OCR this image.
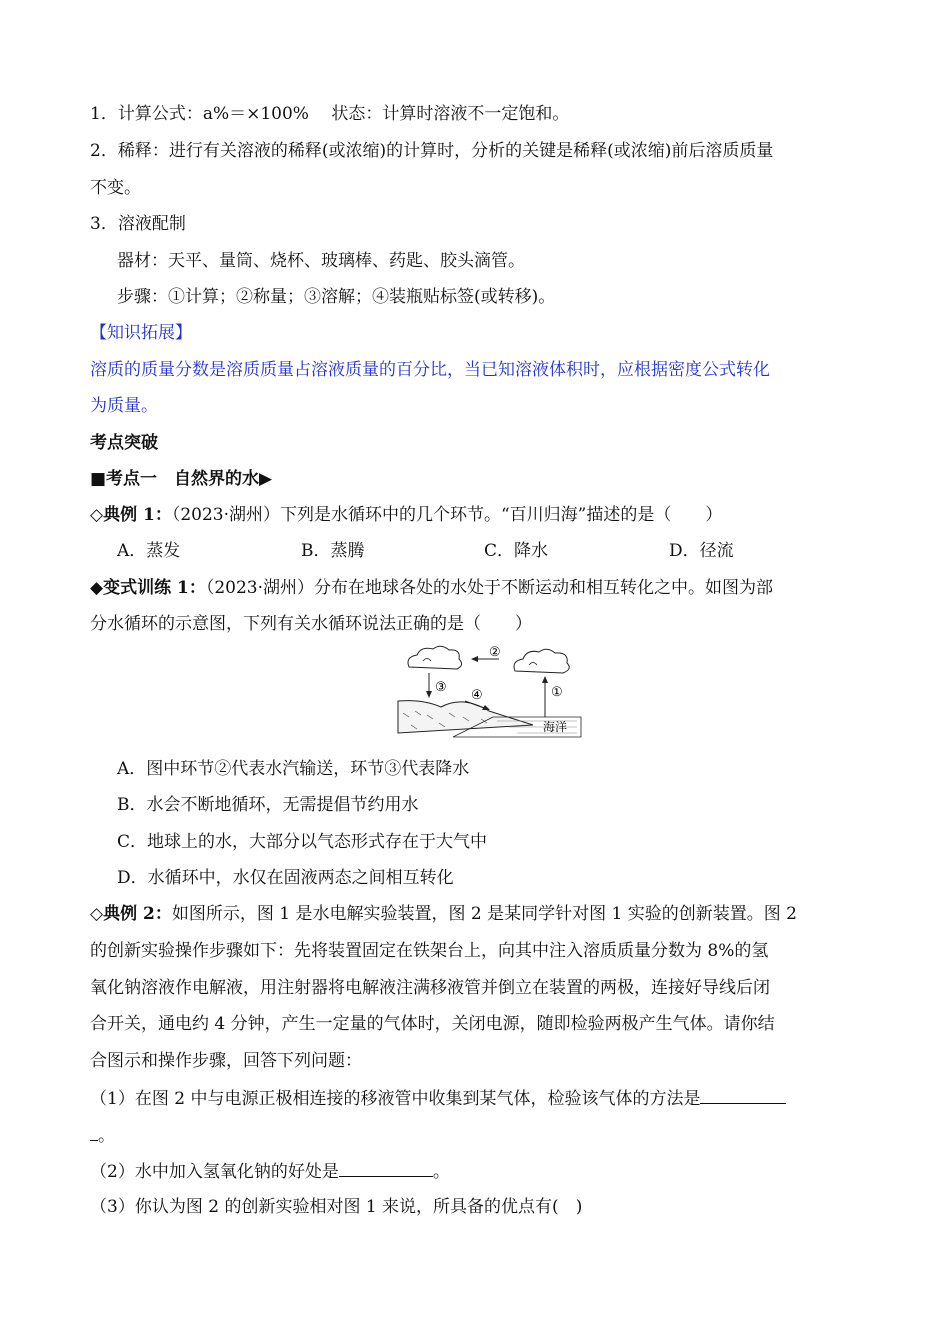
1．计算公式：a%＝×100%　 状态：计算时溶液不一定饱和。
2．稀释：进行有关溶液的稀释(或浓缩)的计算时，分析的关键是稀释(或浓缩)前后溶质质量
不变。
3．溶液配制
器材：天平、量筒、烧杯、玻璃棒、药匙、胶头滴管。
步骤：①计算；②称量；③溶解；④装瓶贴标签(或转移)。
【知识拓展】
溶质的质量分数是溶质质量占溶液质量的百分比，当已知溶液体积时，应根据密度公式转化
为质量。
考点突破
■考点一　自然界的水▶
◇典例 1：（2023·湖州）下列是水循环中的几个环节。“百川归海”描述的是（　　）
A．蒸发	B．蒸腾	C．降水	D．径流
◆变式训练 1：（2023·湖州）分布在地球各处的水处于不断运动和相互转化之中。如图为部
分水循环的示意图，下列有关水循环说法正确的是（　　）
②
③	①
④
海洋
A．图中环节②代表水汽输送，环节③代表降水
B．水会不断地循环，无需提倡节约用水
C．地球上的水，大部分以气态形式存在于大气中
D．水循环中，水仅在固液两态之间相互转化
◇典例 2：如图所示，图 1 是水电解实验装置，图 2 是某同学针对图 1 实验的创新装置。图 2
的创新实验操作步骤如下：先将装置固定在铁架台上，向其中注入溶质质量分数为 8%的氢
氧化钠溶液作电解液，用注射器将电解液注满移液管并倒立在装置的两极，连接好导线后闭
合开关，通电约 4 分钟，产生一定量的气体时，关闭电源，随即检验两极产生气体。请你结
合图示和操作步骤，回答下列问题：
（1）在图 2 中与电源正极相连接的移液管中收集到某气体，检验该气体的方法是
。
（2）水中加入氢氧化钠的好处是	。
（3）你认为图 2 的创新实验相对图 1 来说，所具备的优点有(　)
